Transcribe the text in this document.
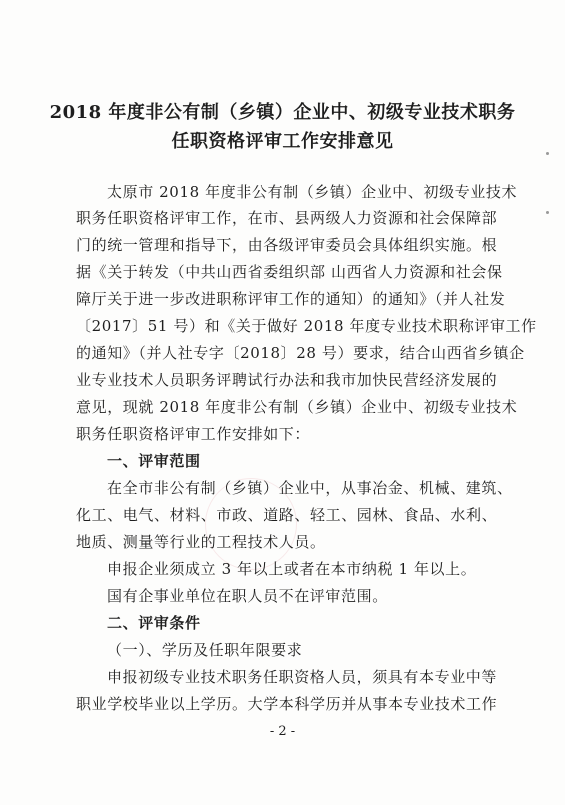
2018 年度非公有制（乡镇）企业中、初级专业技术职务
任职资格评审工作安排意见
太原市 2018 年度非公有制（乡镇）企业中、初级专业技术
职务任职资格评审工作，在市、县两级人力资源和社会保障部
门的统一管理和指导下，由各级评审委员会具体组织实施。根
据《关于转发（中共山西省委组织部 山西省人力资源和社会保
障厅关于进一步改进职称评审工作的通知）的通知》（并人社发
〔2017〕51 号）和《关于做好 2018 年度专业技术职称评审工作
的通知》（并人社专字〔2018〕28 号）要求，结合山西省乡镇企
业专业技术人员职务评聘试行办法和我市加快民营经济发展的
意见，现就 2018 年度非公有制（乡镇）企业中、初级专业技术
职务任职资格评审工作安排如下：
一、评审范围
在全市非公有制（乡镇）企业中，从事冶金、机械、建筑、
化工、电气、材料、市政、道路、轻工、园林、食品、水利、
地质、测量等行业的工程技术人员。
申报企业须成立 3 年以上或者在本市纳税 1 年以上。
国有企事业单位在职人员不在评审范围。
二、评审条件
（一）、学历及任职年限要求
申报初级专业技术职务任职资格人员，须具有本专业中等
职业学校毕业以上学历。大学本科学历并从事本专业技术工作
- 2 -
